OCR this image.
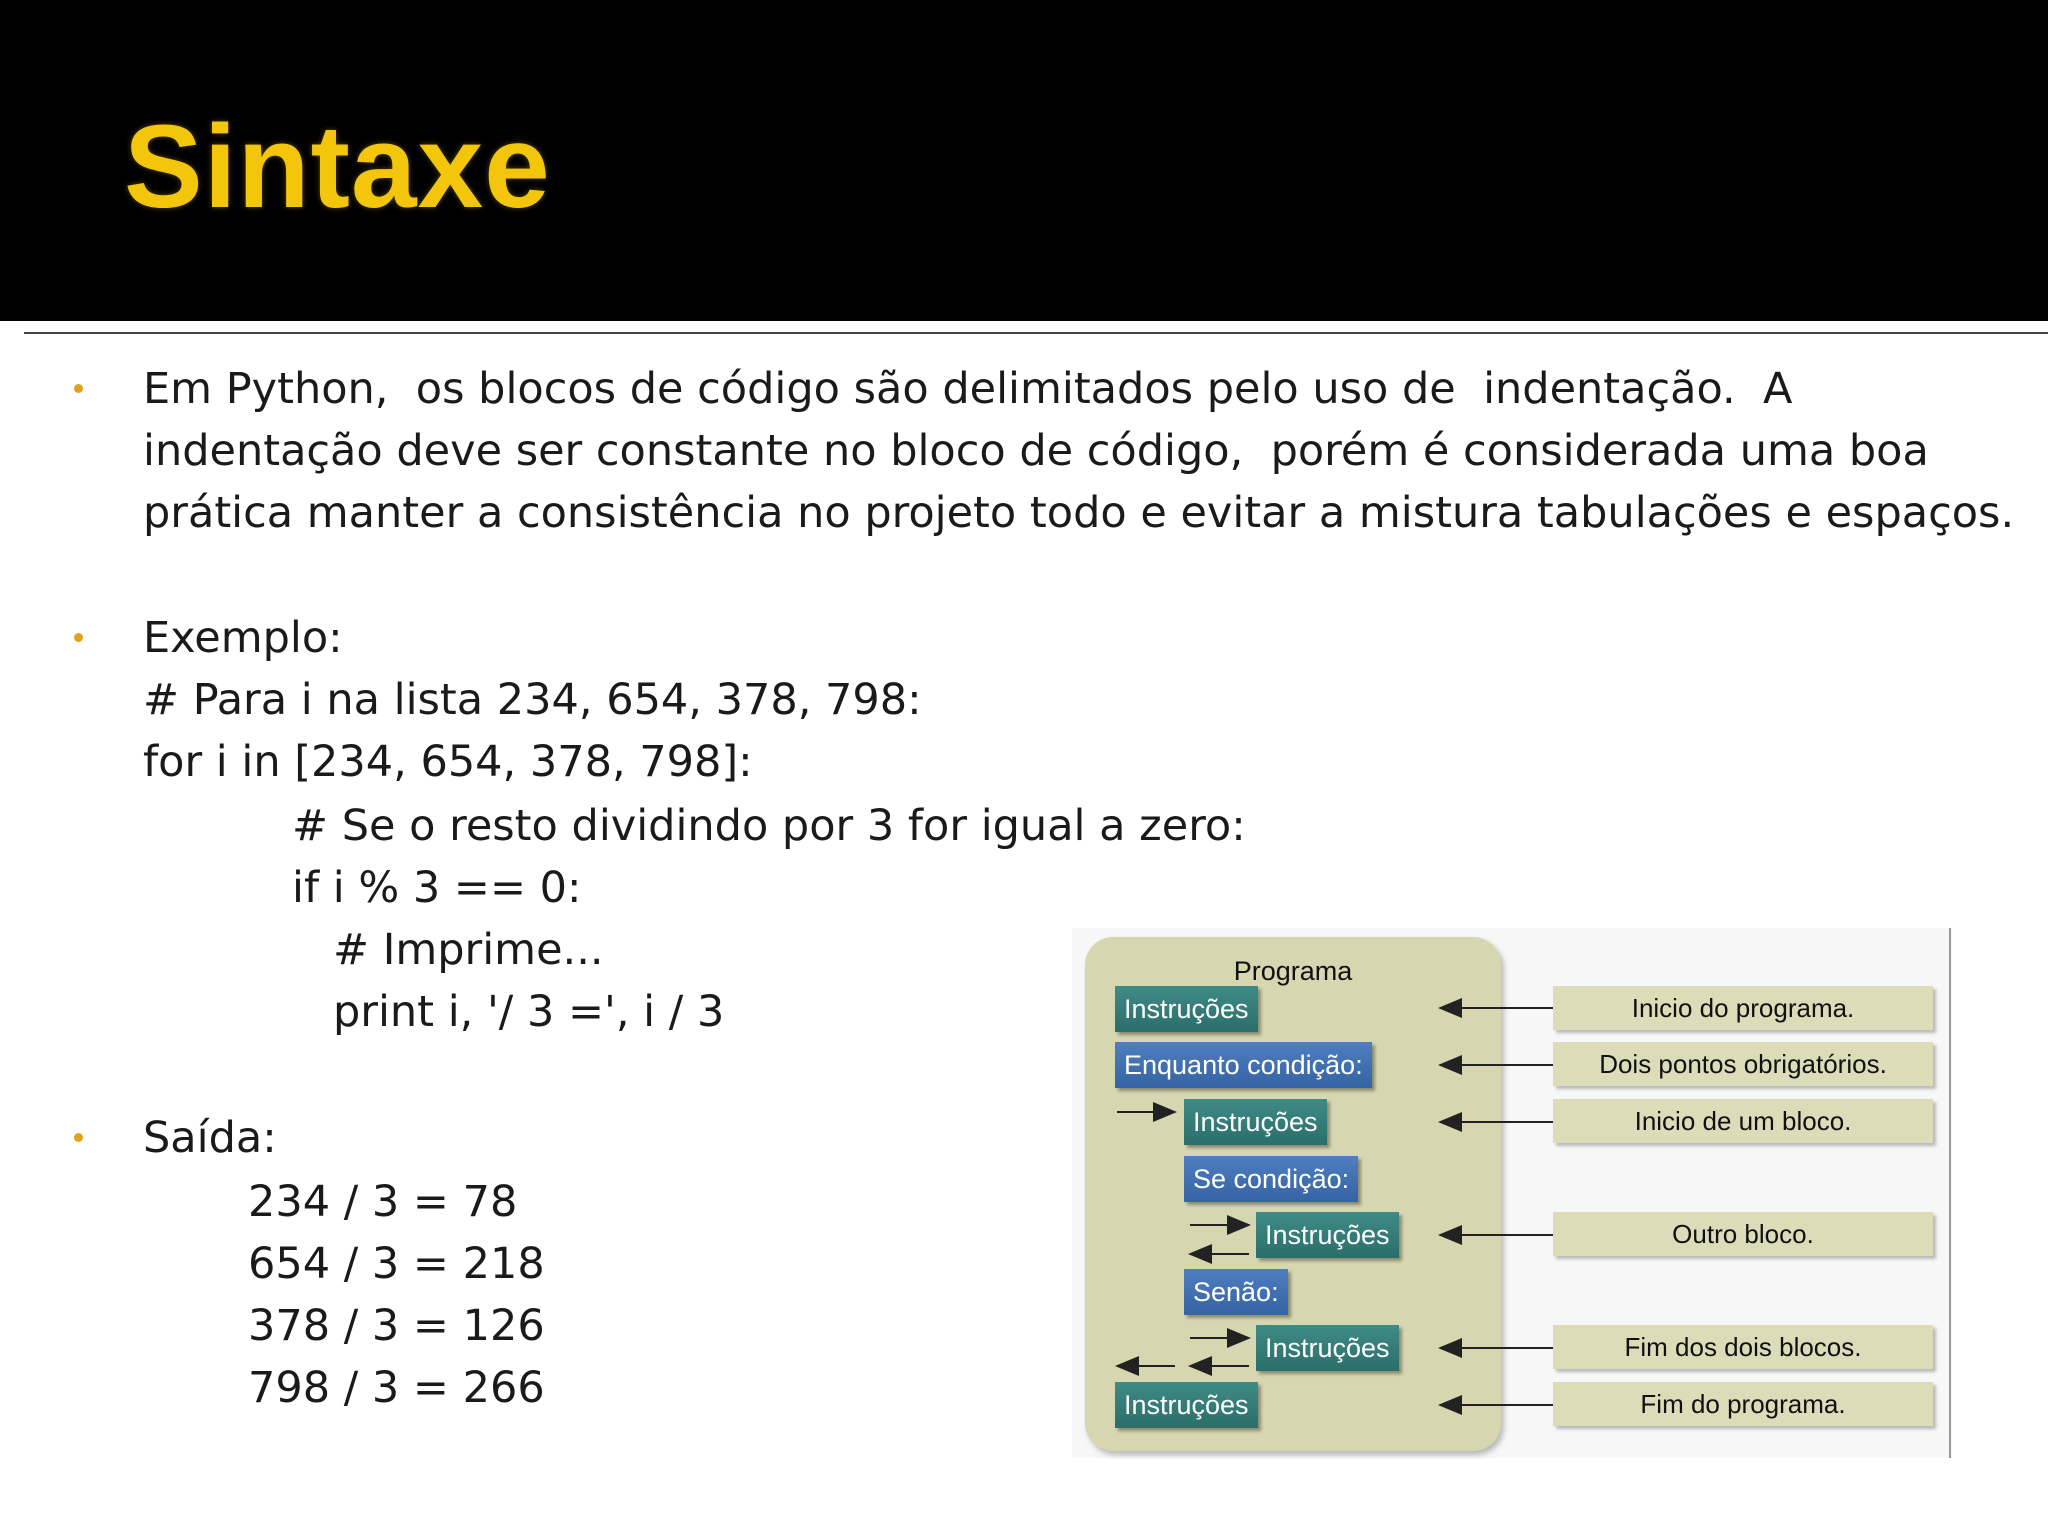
Sintaxe

Em Python,  os blocos de código são delimitados pelo uso de  indentação.  A

indentação deve ser constante no bloco de código,  porém é considerada uma boa

prática manter a consistência no projeto todo e evitar a mistura tabulações e espaços.

Exemplo:

# Para i na lista 234, 654, 378, 798:

for i in [234, 654, 378, 798]:

# Se o resto dividindo por 3 for igual a zero:

if i % 3 == 0:

# Imprime...

print i, '/ 3 =', i / 3

Saída:

234 / 3 = 78

654 / 3 = 218

378 / 3 = 126

798 / 3 = 266

Programa
Instruções
Enquanto condição:
Instruções
Se condição:
Instruções
Senão:
Instruções
Instruções
Inicio do programa.
Dois pontos obrigatórios.
Inicio de um bloco.
Outro bloco.
Fim dos dois blocos.
Fim do programa.
